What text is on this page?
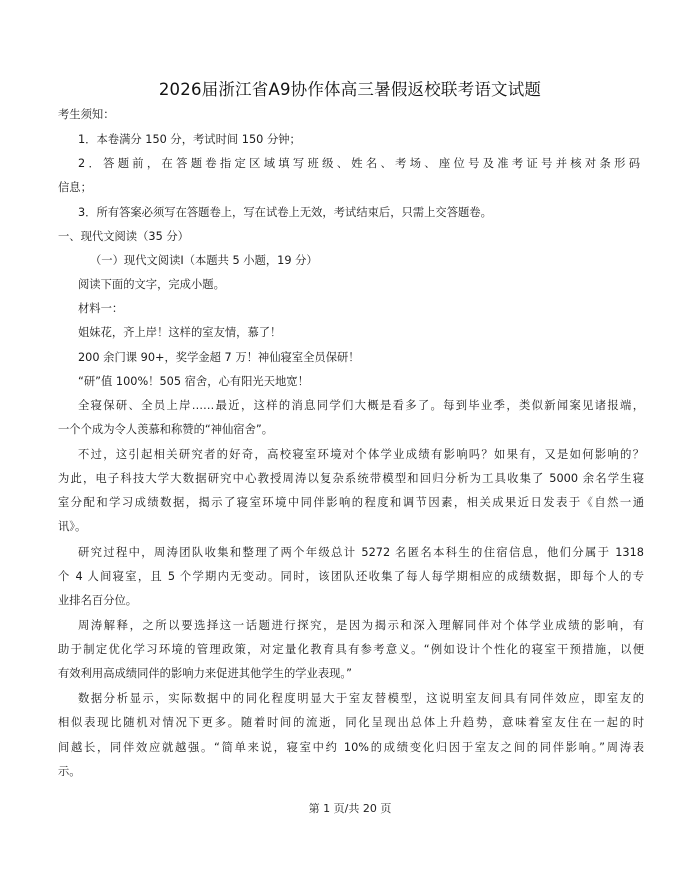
2026届浙江省A9协作体高三暑假返校联考语文试题
考生须知：
1．本卷满分 150 分，考试时间 150 分钟；
2．答题前，在答题卷指定区域填写班级、姓名、考场、座位号及准考证号并核对条形码
信息；
3．所有答案必须写在答题卷上，写在试卷上无效，考试结束后，只需上交答题卷。
一、现代文阅读（35 分）
（一）现代文阅读Ⅰ（本题共 5 小题，19 分）
阅读下面的文字，完成小题。
材料一：
姐妹花，齐上岸！这样的室友情，慕了！
200 余门课 90+，奖学金超 7 万！神仙寝室全员保研！
“研”值 100%！505 宿舍，心有阳光天地宽！
全寝保研、全员上岸……最近，这样的消息同学们大概是看多了。每到毕业季，类似新闻案见诸报端，
一个个成为令人羡慕和称赞的“神仙宿舍”。
不过，这引起相关研究者的好奇，高校寝室环境对个体学业成绩有影响吗？如果有，又是如何影响的？
为此，电子科技大学大数据研究中心教授周涛以复杂系统带模型和回归分析为工具收集了 5000 余名学生寝
室分配和学习成绩数据，揭示了寝室环境中同伴影响的程度和调节因素，相关成果近日发表于《自然一通
讯》。
研究过程中，周涛团队收集和整理了两个年级总计 5272 名匿名本科生的住宿信息，他们分属于 1318
个 4 人间寝室，且 5 个学期内无变动。同时，该团队还收集了每人每学期相应的成绩数据，即每个人的专
业排名百分位。
周涛解释，之所以要选择这一话题进行探究，是因为揭示和深入理解同伴对个体学业成绩的影响，有
助于制定优化学习环境的管理政策，对定量化教育具有参考意义。“例如设计个性化的寝室干预措施，以便
有效利用高成绩同伴的影响力来促进其他学生的学业表现。”
数据分析显示，实际数据中的同化程度明显大于室友替模型，这说明室友间具有同伴效应，即室友的
相似表现比随机对情况下更多。随着时间的流逝，同化呈现出总体上升趋势，意味着室友住在一起的时
间越长，同伴效应就越强。“简单来说，寝室中约 10%的成绩变化归因于室友之间的同伴影响。”周涛表
示。
第 1 页/共 20 页
